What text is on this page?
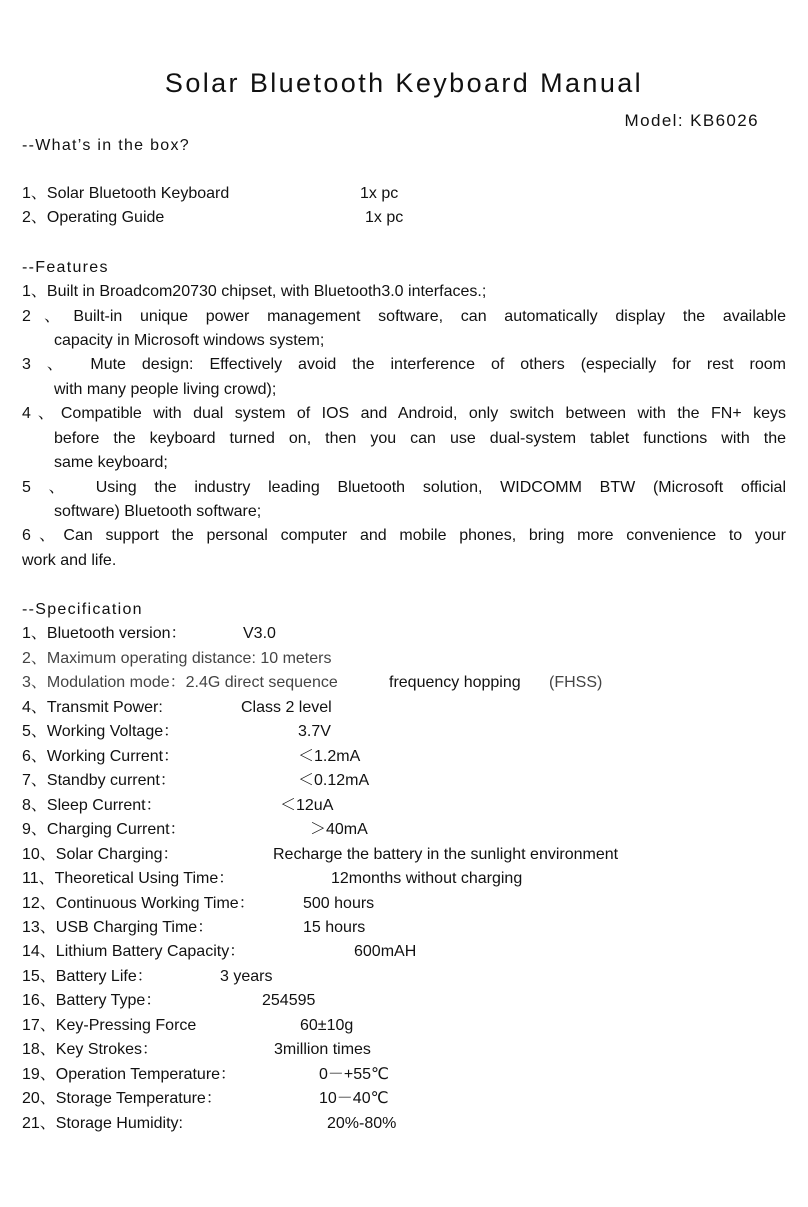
Solar Bluetooth Keyboard Manual
Model: KB6026
--What’s in the box?
1、Solar Bluetooth Keyboard	1x pc
2、Operating Guide	1x pc
--Features
1、Built in Broadcom20730 chipset, with Bluetooth3.0 interfaces.;
2、Built-in unique power management software, can automatically display the available
capacity in Microsoft windows system;
3 、 Mute design: Effectively avoid the interference of others (especially for rest room
with many people living crowd);
4、Compatible with dual system of IOS and Android, only switch between with the FN+ keys
before the keyboard turned on, then you can use dual-system tablet functions with the
same keyboard;
5 、 Using the industry leading Bluetooth solution, WIDCOMM BTW (Microsoft official
software) Bluetooth software;
6、Can support the personal computer and mobile phones, bring more convenience to your
work and life.
--Specification
1、Bluetooth version：	V3.0
2、Maximum operating distance: 10 meters
3、Modulation mode：2.4G direct sequence	frequency hopping (FHSS)
4、Transmit Power:	Class 2 level
5、Working Voltage：	3.7V
6、Working Current：	＜1.2mA
7、Standby current：	＜0.12mA
8、Sleep Current：	＜12uA
9、Charging Current：	＞40mA
10、Solar Charging：	Recharge the battery in the sunlight environment
11、Theoretical Using Time：	12months without charging
12、Continuous Working Time：	500 hours
13、USB Charging Time：	15 hours
14、Lithium Battery Capacity：	600mAH
15、Battery Life：	3 years
16、Battery Type：	254595
17、Key-Pressing Force	60±10g
18、Key Strokes：	3million times
19、Operation Temperature：	0－+55℃
20、Storage Temperature：	10－40℃
21、Storage Humidity:	20%-80%
